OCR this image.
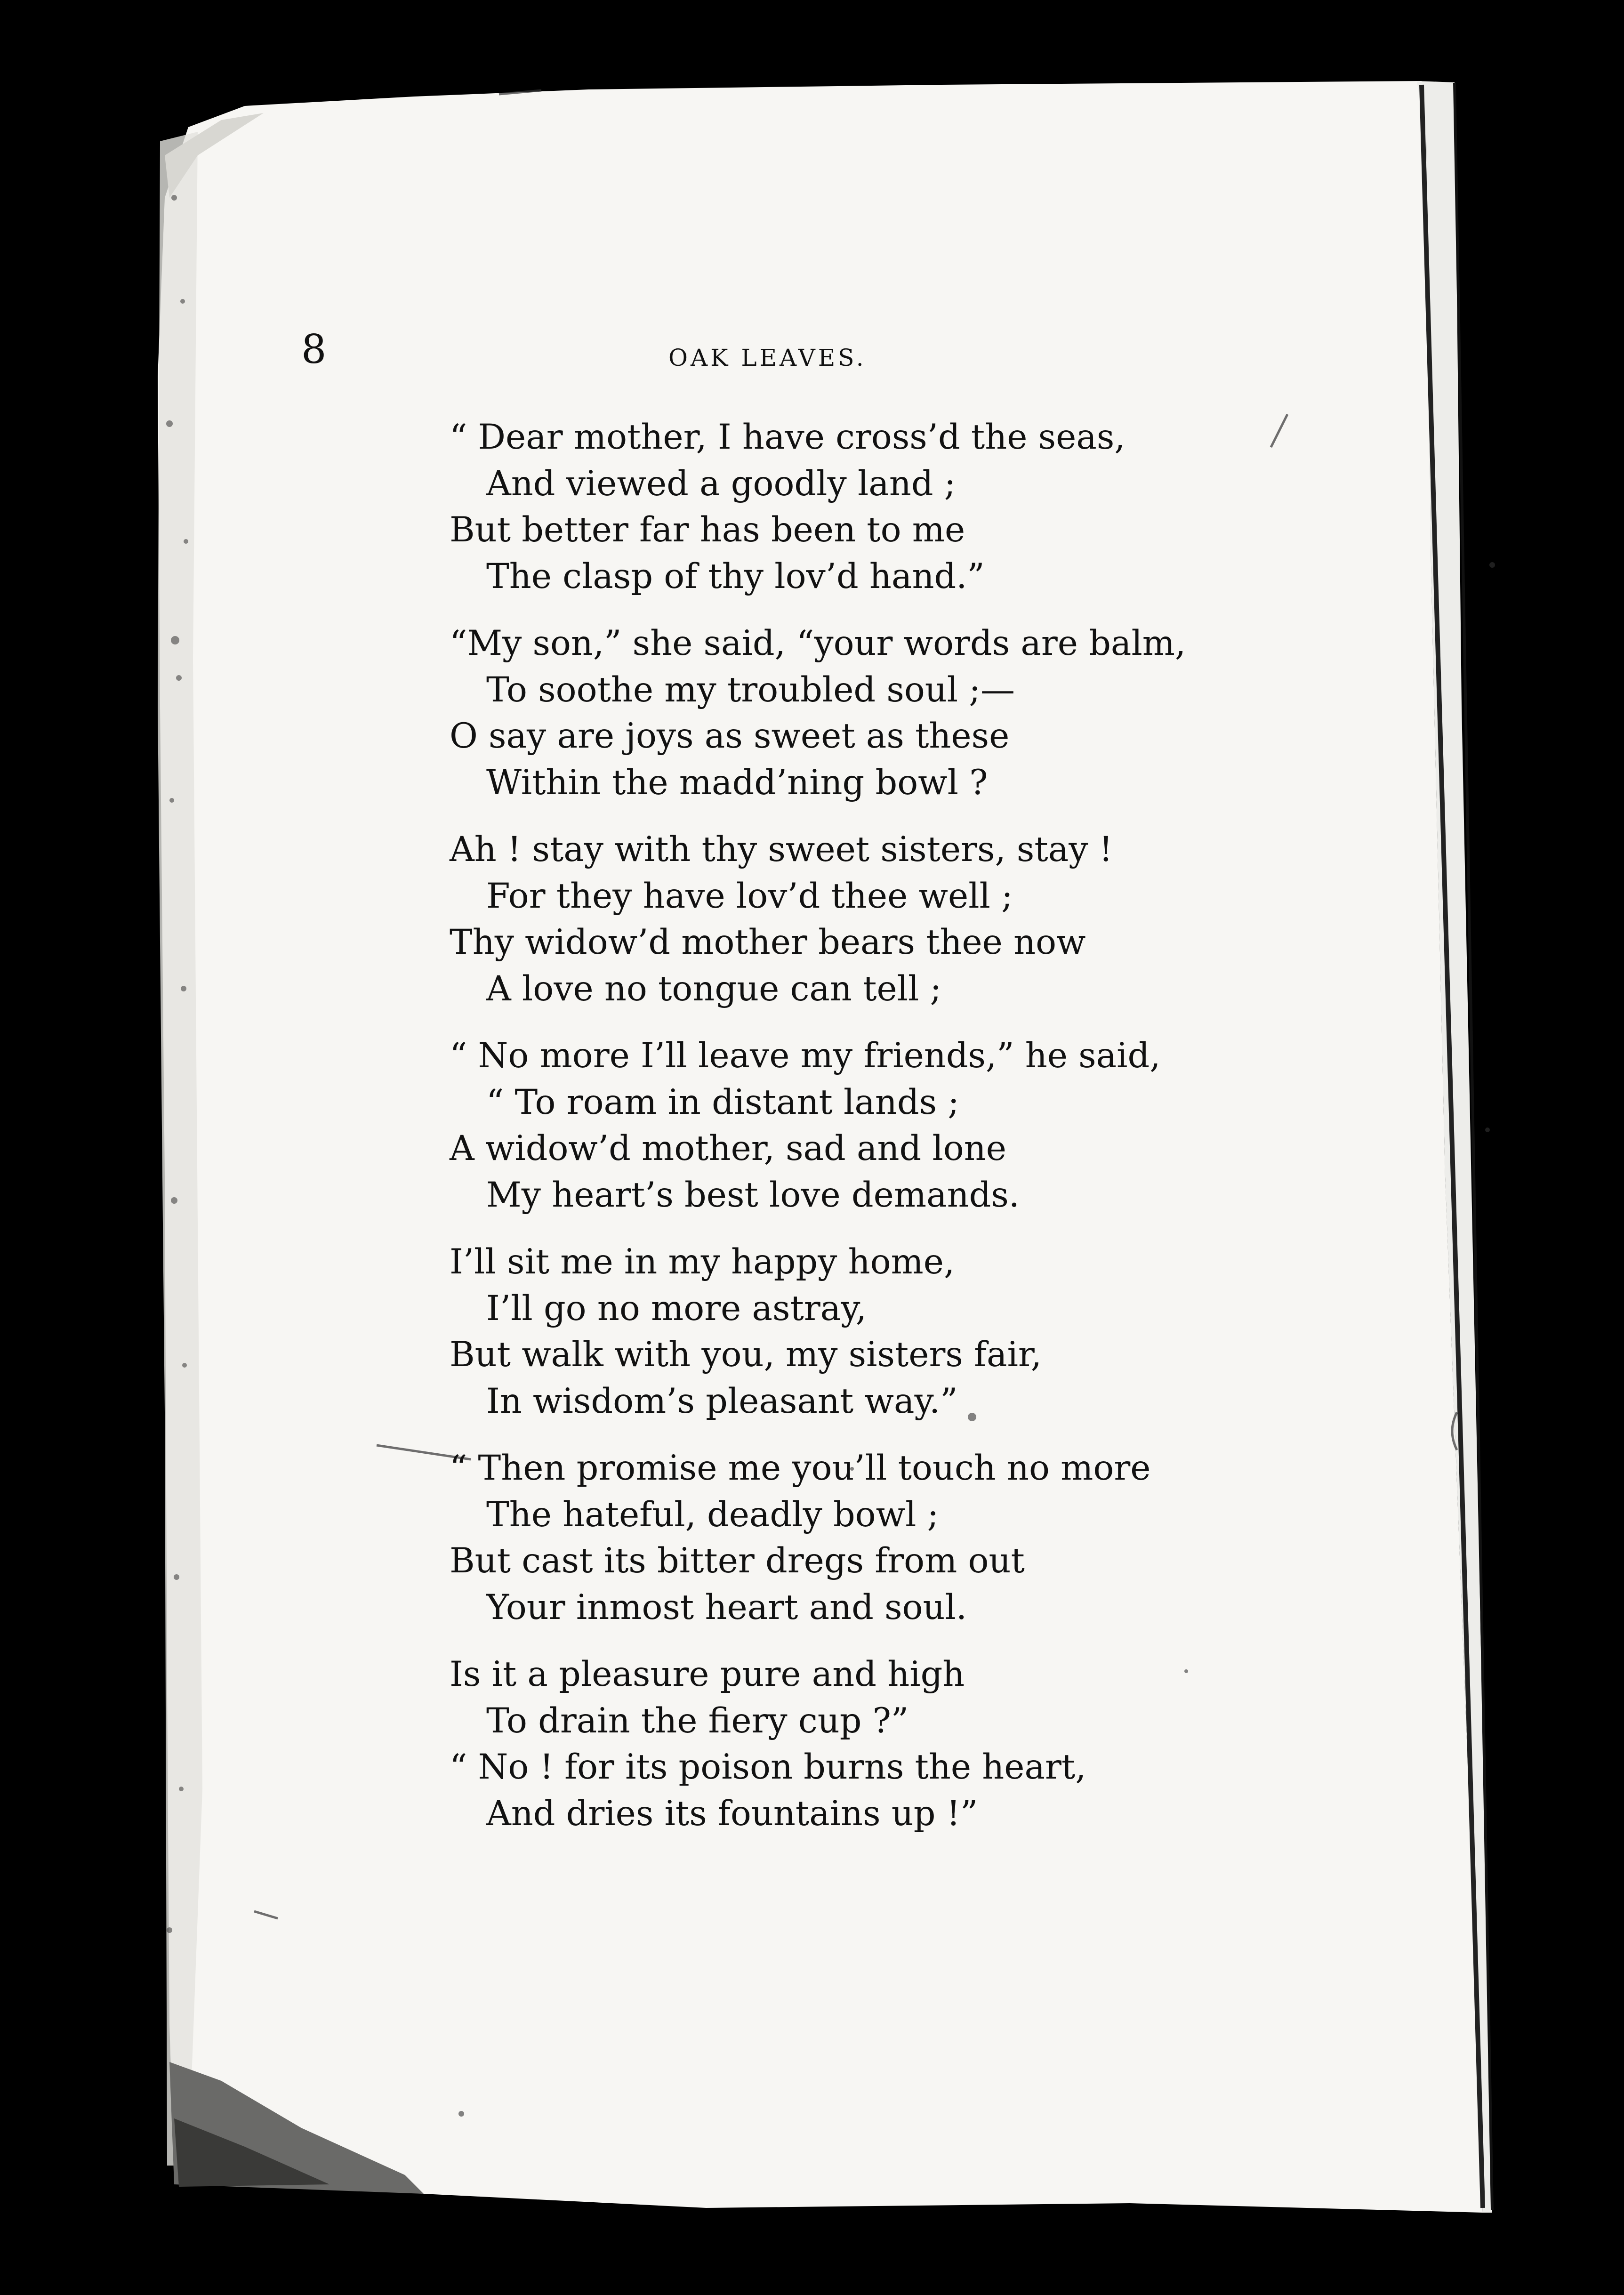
8	OAK LEAVES.
“ Dear mother, I have cross’d the seas,
And viewed a goodly land ;
But better far has been to me
The clasp of thy lov’d hand.”
“My son,” she said, “your words are balm,
To soothe my troubled soul ;—
O say are joys as sweet as these
Within the madd’ning bowl ?
Ah ! stay with thy sweet sisters, stay !
For they have lov’d thee well ;
Thy widow’d mother bears thee now
A love no tongue can tell ;
“ No more I’ll leave my friends,” he said,
“ To roam in distant lands ;
A widow’d mother, sad and lone
My heart’s best love demands.
I’ll sit me in my happy home,
I’ll go no more astray,
But walk with you, my sisters fair,
In wisdom’s pleasant way.”
“ Then promise me you’ll touch no more
The hateful, deadly bowl ;
But cast its bitter dregs from out
Your inmost heart and soul.
Is it a pleasure pure and high
To drain the fiery cup ?”
“ No ! for its poison burns the heart,
And dries its fountains up !”
